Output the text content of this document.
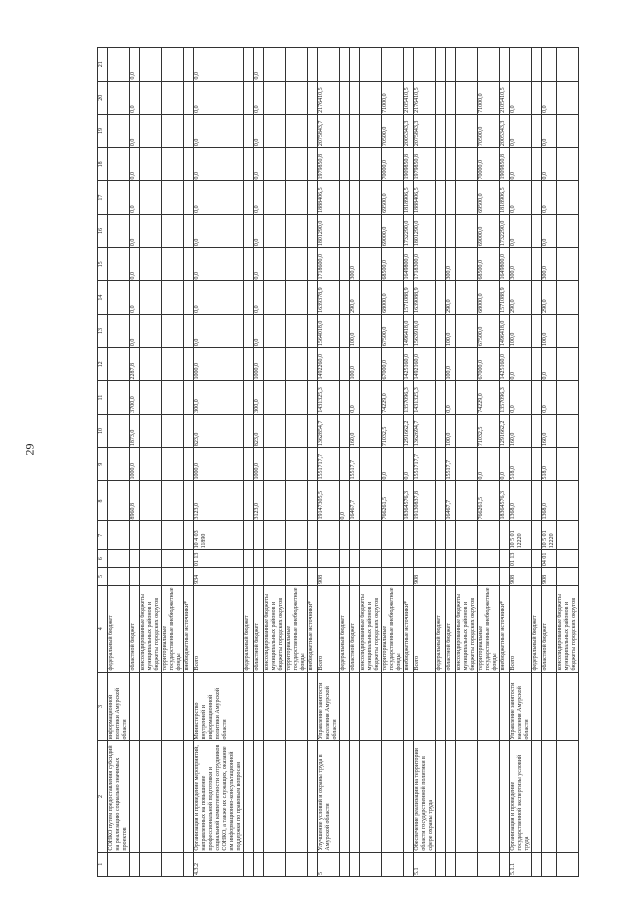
29
1	2	3	4	5	6	7	8	9	10	11	12	13	14	15	16	17	18	19	20	21
	СОНКО путем предоставления субсидий на реализацию социально значимых проектов	информационной политики Амурской области	федеральный бюджет																	
			областной бюджет				8960,8	1000,0	1873,0	3700,0	2287,8	0,0	0,0	0,0	0,0	0,0	0,0	0,0	0,0	0,0
			консолидированные бюджеты муниципальных районов и бюджеты городских округов																	
			территориальные государственные внебюджетные фонды																	
			внебюджетные источники*																	
4.3.2	Организация и проведение мероприятий, направленных на повышение профессиональной подготовки и социальной компетентности сотрудников СОНКО, а также их служащих, оказание им информационно-консультационной поддержки по правовым вопросам	Министерство внутренней и информационной политики Амурской области	Всего	934	01 13	10 4 03 11890	3123,0	1000,0	823,0	300,0	1000,0	0,0	0,0	0,0	0,0	0,0	0,0	0,0	0,0	0,0
			федеральный бюджет																	
			областной бюджет				3123,0	1000,0	823,0	300,0	1000,0	0,0	0,0	0,0	0,0	0,0	0,0	0,0	0,0	0,0
			консолидированные бюджеты муниципальных районов и бюджеты городских округов																	
			территориальные государственные внебюджетные фонды																	
			внебюджетные источники*																	
5	Улучшение условий и охраны труда в Амурской области	Управление занятости населения Амурской области	Всего	908			19147305,5	1551717,7	1362854,7	1431325,3	1492260,0	1564018,0	1639378,9	1718600,0	1801290,0	1888406,5	1979850,8	2075843,7	2176410,5	
			федеральный бюджет				0,0													
			областной бюджет				16467,7	15517,7	160,0	0,0	100,0	100,0	290,0	300,0						
			консолидированные бюджеты муниципальных районов и бюджеты городских округов																	
			территориальные государственные внебюджетные фонды				766261,5	0,0	71032,5	74229,0	67000,0	67500,0	68000,0	68500,0	69000,0	69500,0	70000,0	70500,0	71000,0	
			внебюджетные источники*				18364576,3	0,0	1291662,2	1357096,3	1425160,0	1496418,0	1571088,9	1649800,0	1732290,0	1818906,5	1909850,8	2005343,3	2105410,5	
5.1	Обеспечение реализации на территории области государственной политики в сфере охраны труда		Всего	908			19130837,8	1551717,7	1362694,7	1431325,3	1492160,0	1563918,0	1639088,9	1718300,0	1801290,0	1888406,5	1979850,8	2075843,3	2176410,5	
			федеральный бюджет																	
			областной бюджет				16467,7	15517,7	100,0	0,0	100,0	100,0	290,0	300,0						
			консолидированные бюджеты муниципальных районов и бюджеты городских округов																	
			территориальные государственные внебюджетные фонды				766261,5	0,0	71032,5	74229,0	67000,0	67500,0	68000,0	68500,0	69000,0	69500,0	70000,0	70500,0	71000,0	
			внебюджетные источники*				18364576,3	0,0	1291662,2	1357096,3	1425160,0	1496418,0	1571088,9	1649800,0	1732290,0	1818906,5	1909850,8	2005343,3	2105410,5	
5.1.1	Организация и проведение государственной экспертизы условий труда	Управление занятости населения Амурской области	Всего	908	01 13	10 5 01 12220	1368,0	518,0	160,0	0,0	0,0	100,0	290,0	300,0	0,0	0,0	0,0	0,0	0,0	
			федеральный бюджет																	
			областной бюджет	908	04 01	10 5 01 12220	1368,0	518,0	160,0	0,0	0,0	100,0	290,0	300,0	0,0	0,0	0,0	0,0	0,0	
			консолидированные бюджеты муниципальных районов и бюджеты городских округов																	
